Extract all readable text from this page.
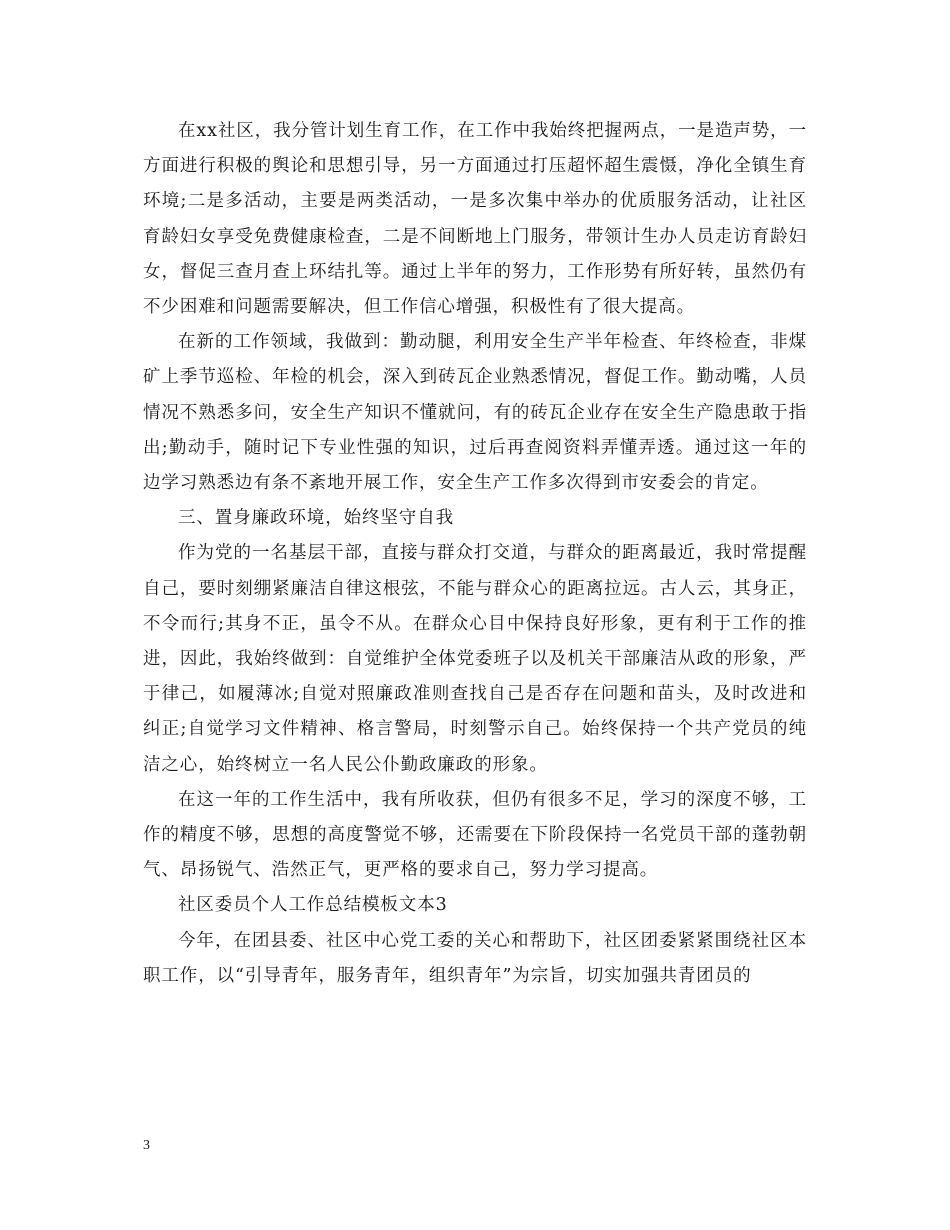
在xx社区，我分管计划生育工作，在工作中我始终把握两点，一是造声势，一方面进行积极的舆论和思想引导，另一方面通过打压超怀超生震慑，净化全镇生育环境;二是多活动，主要是两类活动，一是多次集中举办的优质服务活动，让社区育龄妇女享受免费健康检查，二是不间断地上门服务，带领计生办人员走访育龄妇女，督促三查月查上环结扎等。通过上半年的努力，工作形势有所好转，虽然仍有不少困难和问题需要解决，但工作信心增强，积极性有了很大提高。

在新的工作领域，我做到：勤动腿，利用安全生产半年检查、年终检查，非煤矿上季节巡检、年检的机会，深入到砖瓦企业熟悉情况，督促工作。勤动嘴，人员情况不熟悉多问，安全生产知识不懂就问，有的砖瓦企业存在安全生产隐患敢于指出;勤动手，随时记下专业性强的知识，过后再查阅资料弄懂弄透。通过这一年的边学习熟悉边有条不紊地开展工作，安全生产工作多次得到市安委会的肯定。

三、置身廉政环境，始终坚守自我

作为党的一名基层干部，直接与群众打交道，与群众的距离最近，我时常提醒自己，要时刻绷紧廉洁自律这根弦，不能与群众心的距离拉远。古人云，其身正，不令而行;其身不正，虽令不从。在群众心目中保持良好形象，更有利于工作的推进，因此，我始终做到：自觉维护全体党委班子以及机关干部廉洁从政的形象，严于律己，如履薄冰;自觉对照廉政准则查找自己是否存在问题和苗头，及时改进和纠正;自觉学习文件精神、格言警局，时刻警示自己。始终保持一个共产党员的纯洁之心，始终树立一名人民公仆勤政廉政的形象。

在这一年的工作生活中，我有所收获，但仍有很多不足，学习的深度不够，工作的精度不够，思想的高度警觉不够，还需要在下阶段保持一名党员干部的蓬勃朝气、昂扬锐气、浩然正气，更严格的要求自己，努力学习提高。

社区委员个人工作总结模板文本3

今年，在团县委、社区中心党工委的关心和帮助下，社区团委紧紧围绕社区本职工作，以“引导青年，服务青年，组织青年”为宗旨，切实加强共青团员的

3
